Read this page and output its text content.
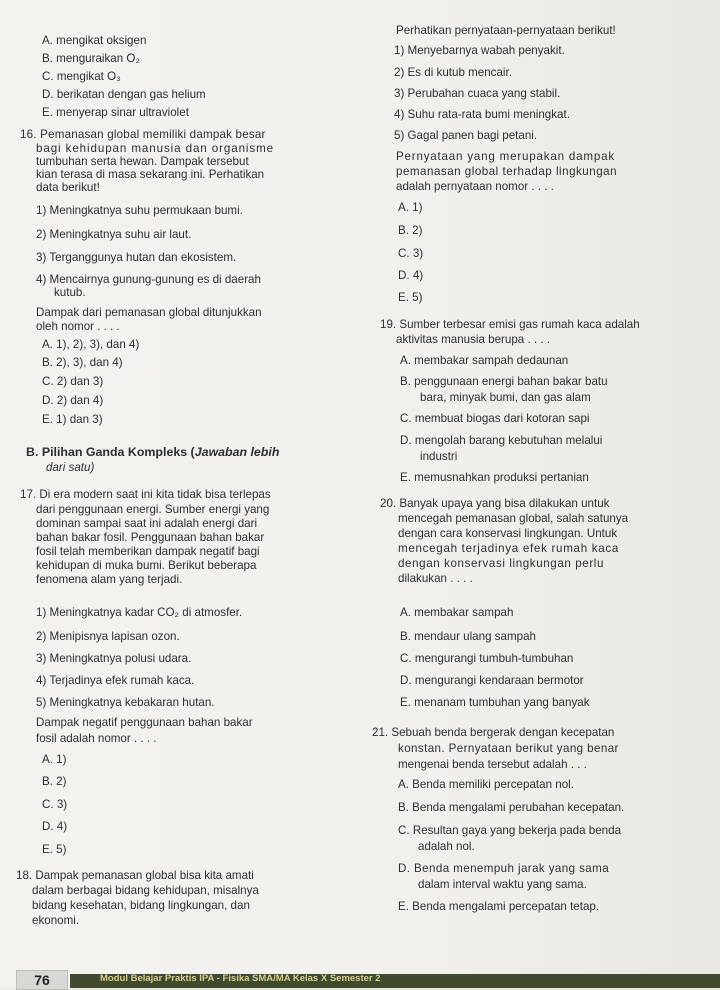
A. mengikat oksigen
B. menguraikan O₂
C. mengikat O₃
D. berikatan dengan gas helium
E. menyerap sinar ultraviolet
16. Pemanasan global memiliki dampak besar
bagi kehidupan manusia dan organisme
tumbuhan serta hewan. Dampak tersebut
kian terasa di masa sekarang ini. Perhatikan
data berikut!
1) Meningkatnya suhu permukaan bumi.
2) Meningkatnya suhu air laut.
3) Terganggunya hutan dan ekosistem.
4) Mencairnya gunung-gunung es di daerah
kutub.
Dampak dari pemanasan global ditunjukkan
oleh nomor . . . .
A. 1), 2), 3), dan 4)
B. 2), 3), dan 4)
C. 2) dan 3)
D. 2) dan 4)
E. 1) dan 3)
B. Pilihan Ganda Kompleks (Jawaban lebih
dari satu)
17. Di era modern saat ini kita tidak bisa terlepas
dari penggunaan energi. Sumber energi yang
dominan sampai saat ini adalah energi dari
bahan bakar fosil. Penggunaan bahan bakar
fosil telah memberikan dampak negatif bagi
kehidupan di muka bumi. Berikut beberapa
fenomena alam yang terjadi.
1) Meningkatnya kadar CO₂ di atmosfer.
2) Menipisnya lapisan ozon.
3) Meningkatnya polusi udara.
4) Terjadinya efek rumah kaca.
5) Meningkatnya kebakaran hutan.
Dampak negatif penggunaan bahan bakar
fosil adalah nomor . . . .
A. 1)
B. 2)
C. 3)
D. 4)
E. 5)
18. Dampak pemanasan global bisa kita amati
dalam berbagai bidang kehidupan, misalnya
bidang kesehatan, bidang lingkungan, dan
ekonomi.
Perhatikan pernyataan-pernyataan berikut!
1) Menyebarnya wabah penyakit.
2) Es di kutub mencair.
3) Perubahan cuaca yang stabil.
4) Suhu rata-rata bumi meningkat.
5) Gagal panen bagi petani.
Pernyataan yang merupakan dampak
pemanasan global terhadap lingkungan
adalah pernyataan nomor . . . .
A. 1)
B. 2)
C. 3)
D. 4)
E. 5)
19. Sumber terbesar emisi gas rumah kaca adalah
aktivitas manusia berupa . . . .
A. membakar sampah dedaunan
B. penggunaan energi bahan bakar batu
bara, minyak bumi, dan gas alam
C. membuat biogas dari kotoran sapi
D. mengolah barang kebutuhan melalui
industri
E. memusnahkan produksi pertanian
20. Banyak upaya yang bisa dilakukan untuk
mencegah pemanasan global, salah satunya
dengan cara konservasi lingkungan. Untuk
mencegah terjadinya efek rumah kaca
dengan konservasi lingkungan perlu
dilakukan . . . .
A. membakar sampah
B. mendaur ulang sampah
C. mengurangi tumbuh-tumbuhan
D. mengurangi kendaraan bermotor
E. menanam tumbuhan yang banyak
21. Sebuah benda bergerak dengan kecepatan
konstan. Pernyataan berikut yang benar
mengenai benda tersebut adalah . . .
A. Benda memiliki percepatan nol.
B. Benda mengalami perubahan kecepatan.
C. Resultan gaya yang bekerja pada benda
adalah nol.
D. Benda menempuh jarak yang sama
dalam interval waktu yang sama.
E. Benda mengalami percepatan tetap.
76	Modul Belajar Praktis IPA - Fisika SMA/MA Kelas X Semester 2
